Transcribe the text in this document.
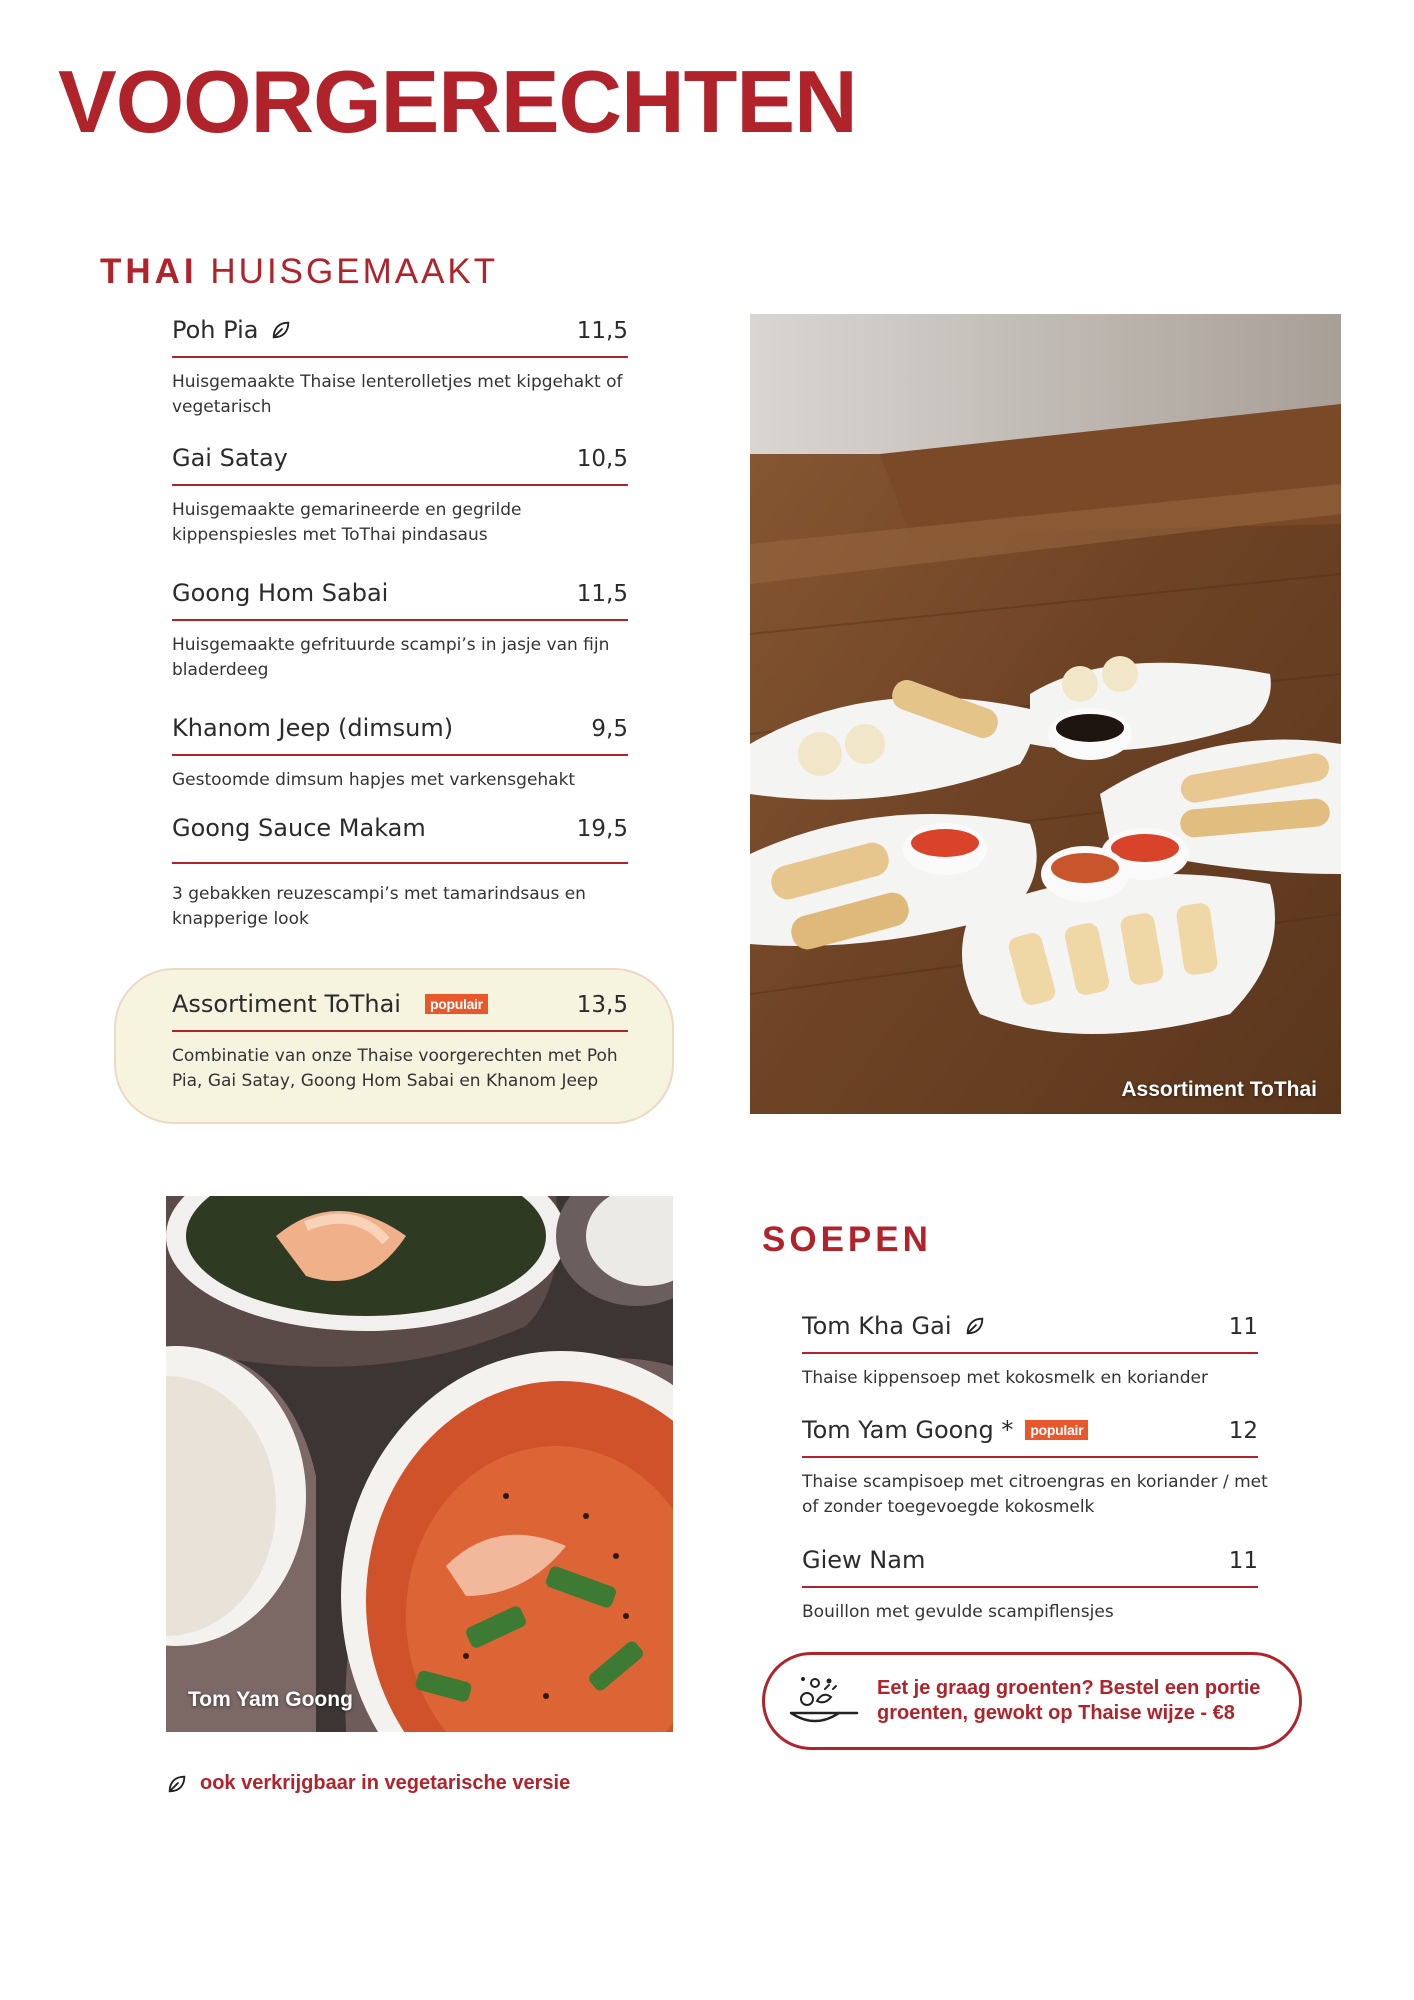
VOORGERECHTEN
THAI HUISGEMAAKT
Poh Pia	11,5
Huisgemaakte Thaise lenterolletjes met kipgehakt of vegetarisch
Gai Satay	10,5
Huisgemaakte gemarineerde en gegrilde kippenspiesles met ToThai pindasaus
Goong Hom Sabai	11,5
Huisgemaakte gefrituurde scampi’s in jasje van fijn bladerdeeg
Khanom Jeep (dimsum)	9,5
Gestoomde dimsum hapjes met varkensgehakt
Goong Sauce Makam	19,5
3 gebakken reuzescampi’s met tamarindsaus en knapperige look
Assortiment ToThai	populair	13,5
Combinatie van onze Thaise voorgerechten met Poh Pia, Gai Satay, Goong Hom Sabai en Khanom Jeep	Assortiment ToThai
Tom Yam Goong
SOEPEN
Tom Kha Gai	11
Thaise kippensoep met kokosmelk en koriander
Tom Yam Goong *	populair	12
Thaise scampisoep met citroengras en koriander / met of zonder toegevoegde kokosmelk
Giew Nam	11
Bouillon met gevulde scampiflensjes
Eet je graag groenten? Bestel een portie groenten, gewokt op Thaise wijze - €8
ook verkrijgbaar in vegetarische versie
